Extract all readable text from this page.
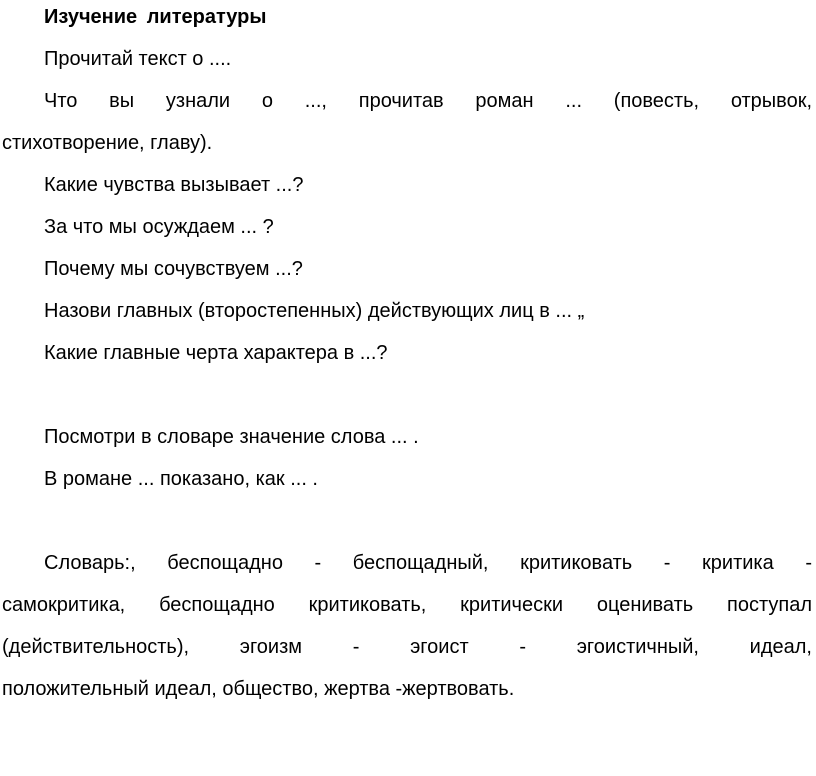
Изучение литературы
Прочитай текст о ....
Что вы узнали о ..., прочитав роман ... (повесть, отрывок,
стихотворение, главу).
Какие чувства вызывает ...?
За что мы осуждаем ... ?
Почему мы сочувствуем ...?
Назови главных (второстепенных) действующих лиц в ... „
Какие главные черта характера в ...?
Посмотри в словаре значение слова ... .
В романе ... показано, как ... .
Словарь:, беспощадно - беспощадный, критиковать - критика -
самокритика, беспощадно критиковать, критически оценивать поступал
(действительность), эгоизм - эгоист - эгоистичный, идеал,
положительный идеал, общество, жертва -жертвовать.
